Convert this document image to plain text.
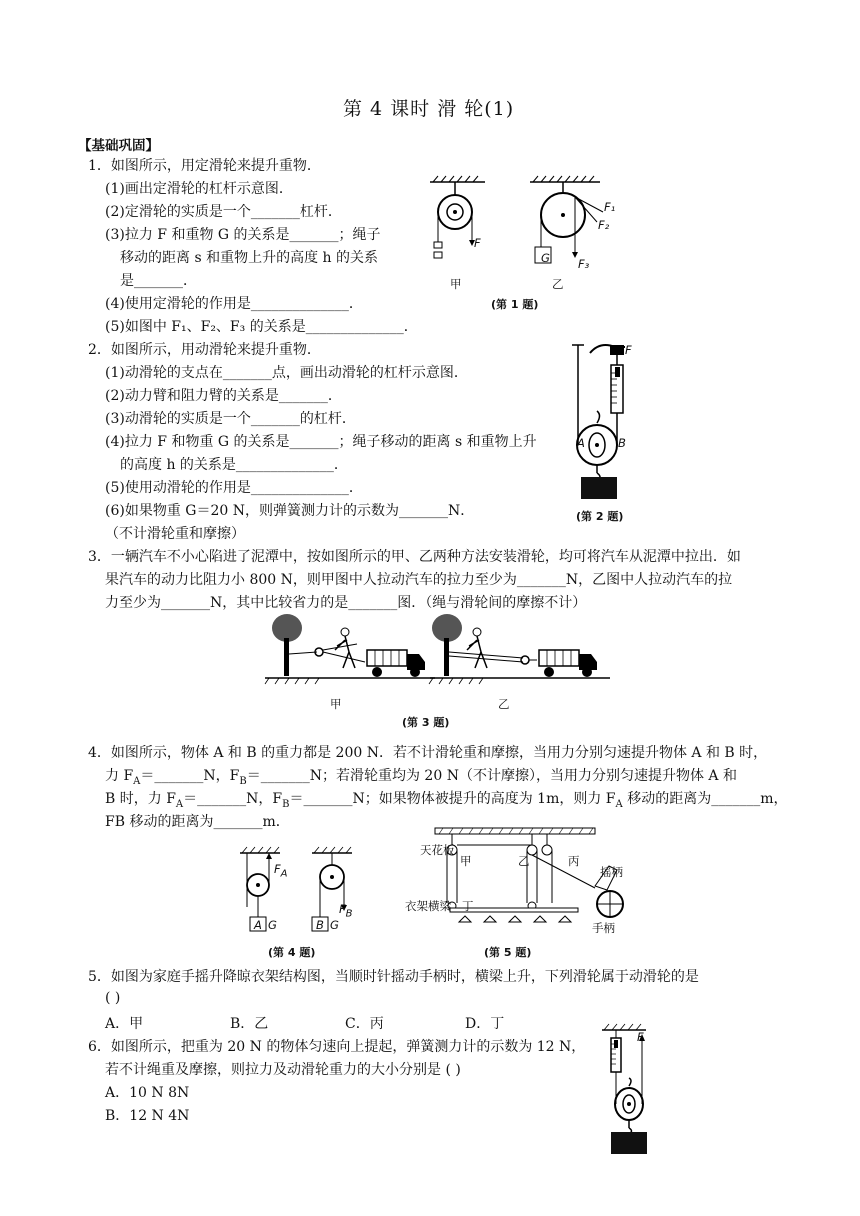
第 4 课时 滑 轮(1)
【基础巩固】
1．如图所示，用定滑轮来提升重物．
(1)画出定滑轮的杠杆示意图．
(2)定滑轮的实质是一个_______杠杆．
(3)拉力 F 和重物 G 的关系是_______；绳子
移动的距离 s 和重物上升的高度 h 的关系
是_______．
(4)使用定滑轮的作用是______________．
(5)如图中 F₁、F₂、F₃ 的关系是______________．
F
G
F₁
F₂
F₃
甲	乙
(第 1 题)
2．如图所示，用动滑轮来提升重物．
(1)动滑轮的支点在_______点，画出动滑轮的杠杆示意图．
(2)动力臂和阻力臂的关系是_______．
(3)动滑轮的实质是一个_______的杠杆．
(4)拉力 F 和物重 G 的关系是_______；绳子移动的距离 s 和重物上升
的高度 h 的关系是______________．
(5)使用动滑轮的作用是______________．
(6)如果物重 G＝20 N，则弹簧测力计的示数为_______N．
（不计滑轮重和摩擦）
F
A	B
(第 2 题)
3．一辆汽车不小心陷进了泥潭中，按如图所示的甲、乙两种方法安装滑轮，均可将汽车从泥潭中拉出．如
果汽车的动力比阻力小 800 N，则甲图中人拉动汽车的拉力至少为_______N，乙图中人拉动汽车的拉
力至少为_______N，其中比较省力的是_______图．（绳与滑轮间的摩擦不计）
甲	乙
(第 3 题)
4．如图所示，物体 A 和 B 的重力都是 200 N．若不计滑轮重和摩擦，当用力分别匀速提升物体 A 和 B 时，
力 $F_A=\_\_\_\_\_\_\_N$，$F_B=\_\_\_\_\_\_\_N$；若滑轮重均为 20 N（不计摩擦），当用力分别匀速提升物体 A 和
B 时，力 $F_A=\_\_\_\_\_\_\_N$，$F_B=\_\_\_\_\_\_\_N$；如果物体被提升的高度为 1m，则力 $F_A$ 移动的距离为_______m，
FB 移动的距离为_______m．
$F_A$
$F_B$
A G	B G
(第 4 题)
天花板
甲	乙	丙
摇柄
衣架横梁 丁
手柄
(第 5 题)
5．如图为家庭手摇升降晾衣架结构图，当顺时针摇动手柄时，横梁上升，下列滑轮属于动滑轮的是
( )
A．甲	B．乙	C．丙	D．丁
6．如图所示，把重为 20 N 的物体匀速向上提起，弹簧测力计的示数为 12 N，
若不计绳重及摩擦，则拉力及动滑轮重力的大小分别是 ( )
A．10 N 8N
B．12 N 4N
F
